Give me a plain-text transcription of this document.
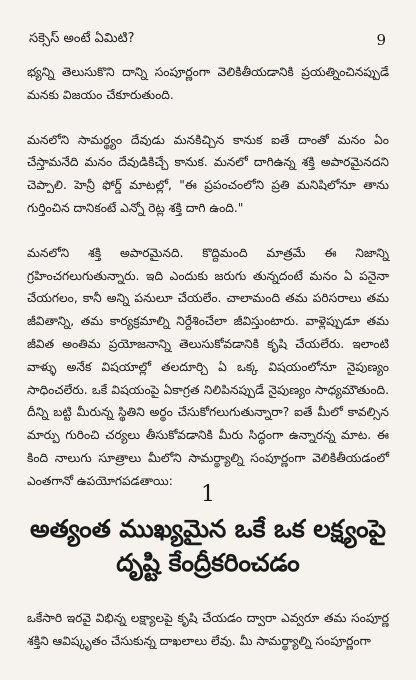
సక్సెస్ అంటే ఏమిటి?	9

భ్యన్ని తెలుసుకొని దాన్ని సంపూర్ణంగా వెలికితీయడానికి ప్రయత్నించినప్పుడే మనకు విజయం చేకూరుతుంది.

మనలోని సామర్థ్యం దేవుడు మనకిచ్చిన కానుక ఐతే దాంతో మనం ఏం చేస్తామనేది మనం దేవుడికిచ్చే కానుక. మనలో దాగిఉన్న శక్తి అపారమైనదని చెప్పాలి. హెన్రీ ఫోర్డ్ మాటల్లో, "ఈ ప్రపంచంలోని ప్రతి మనిషిలోనూ తాను గుర్తించిన దానికంటే ఎన్నో రెట్ల శక్తి దాగి ఉంది."

మనలోని శక్తి అపారమైనది. కొద్దిమంది మాత్రమే ఈ నిజాన్ని గ్రహించగలుగుతున్నారు. ఇది ఎందుకు జరుగు తున్నదంటే మనం ఏ పనైనా చేయగలం, కానీ అన్ని పనులూ చేయలేం. చాలామంది తమ పరిసరాలు తమ జీవితాన్ని, తమ కార్యక్రమాల్ని నిర్దేశించేలా జీవిస్తుంటారు. వాళ్లెప్పుడూ తమ జీవిత అంతిమ ప్రయోజనాన్ని తెలుసుకోవడానికి కృషి చేయలేరు. ఇలాంటి వాళ్ళు అనేక విషయాల్లో తలదూర్చి ఏ ఒక్క విషయంలోనూ నైపుణ్యం సాధించలేరు. ఒకే విషయంపై ఏకాగ్రత నిలిపినప్పుడే నైపుణ్యం సాధ్యమౌతుంది. దీన్ని బట్టి మీరున్న స్థితిని అర్థం చేసుకోగలుగుతున్నారా? ఐతే మీలో కావల్సిన మార్పు గురించి చర్యలు తీసుకోవడానికి మీరు సిద్ధంగా ఉన్నారన్న మాట. ఈ కింది నాలుగు సూత్రాలు మీలోని సామర్థ్యాల్ని సంపూర్ణంగా వెలికితీయడంలో ఎంతగానో ఉపయోగపడతాయి:

1
అత్యంత ముఖ్యమైన ఒకే ఒక లక్ష్యంపై దృష్టి కేంద్రీకరించడం
ఒకేసారి ఇరవై విభిన్న లక్ష్యాలపై కృషి చేయడం ద్వారా ఎవ్వరూ తమ సంపూర్ణ శక్తిని ఆవిష్కృతం చేసుకున్న దాఖలాలు లేవు. మీ సామర్థ్యాల్ని సంపూర్ణంగా
